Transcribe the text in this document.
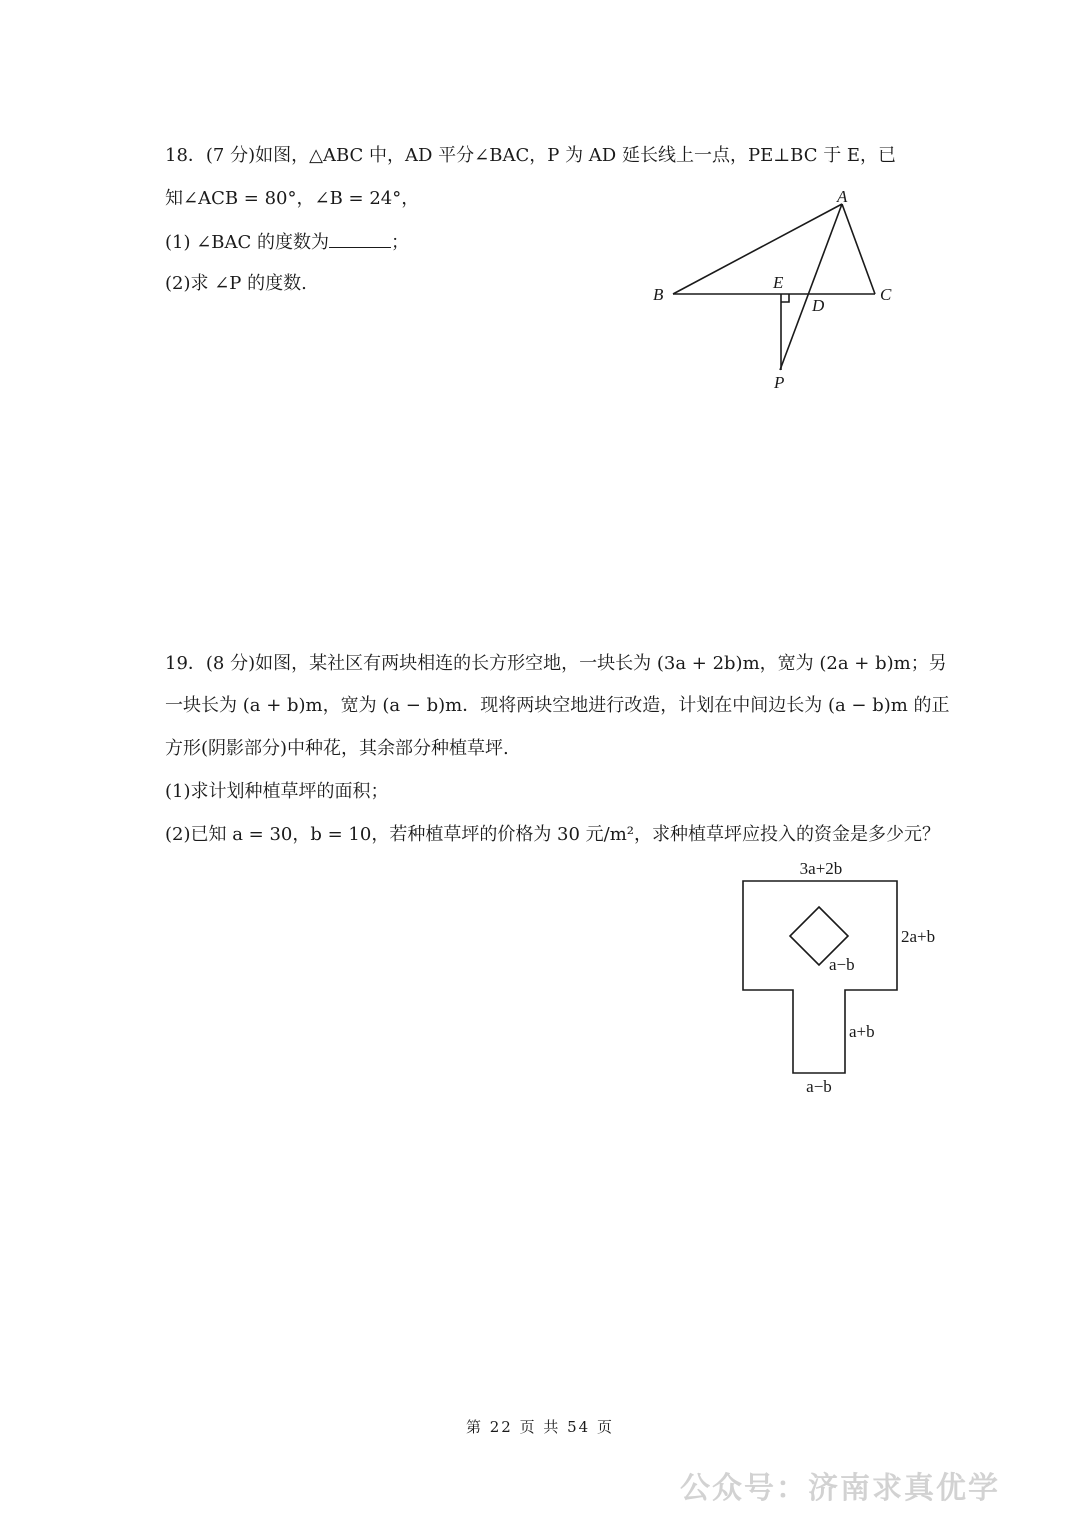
18．(7 分)如图，△ABC 中，AD 平分∠BAC，P 为 AD 延长线上一点，PE⊥BC 于 E，已
知∠ACB = 80°，∠B = 24°，
(1) ∠BAC 的度数为	；
(2)求 ∠P 的度数.
A
B	C
E
D
P
19．(8 分)如图，某社区有两块相连的长方形空地，一块长为 (3a + 2b)m，宽为 (2a + b)m；另
一块长为 (a + b)m，宽为 (a − b)m．现将两块空地进行改造，计划在中间边长为 (a − b)m 的正
方形(阴影部分)中种花，其余部分种植草坪.
(1)求计划种植草坪的面积；
(2)已知 a = 30，b = 10，若种植草坪的价格为 30 元/m²，求种植草坪应投入的资金是多少元？
3a+2b
2a+b
a−b
a+b
a−b
第 22 页 共 54 页
公众号：济南求真优学
